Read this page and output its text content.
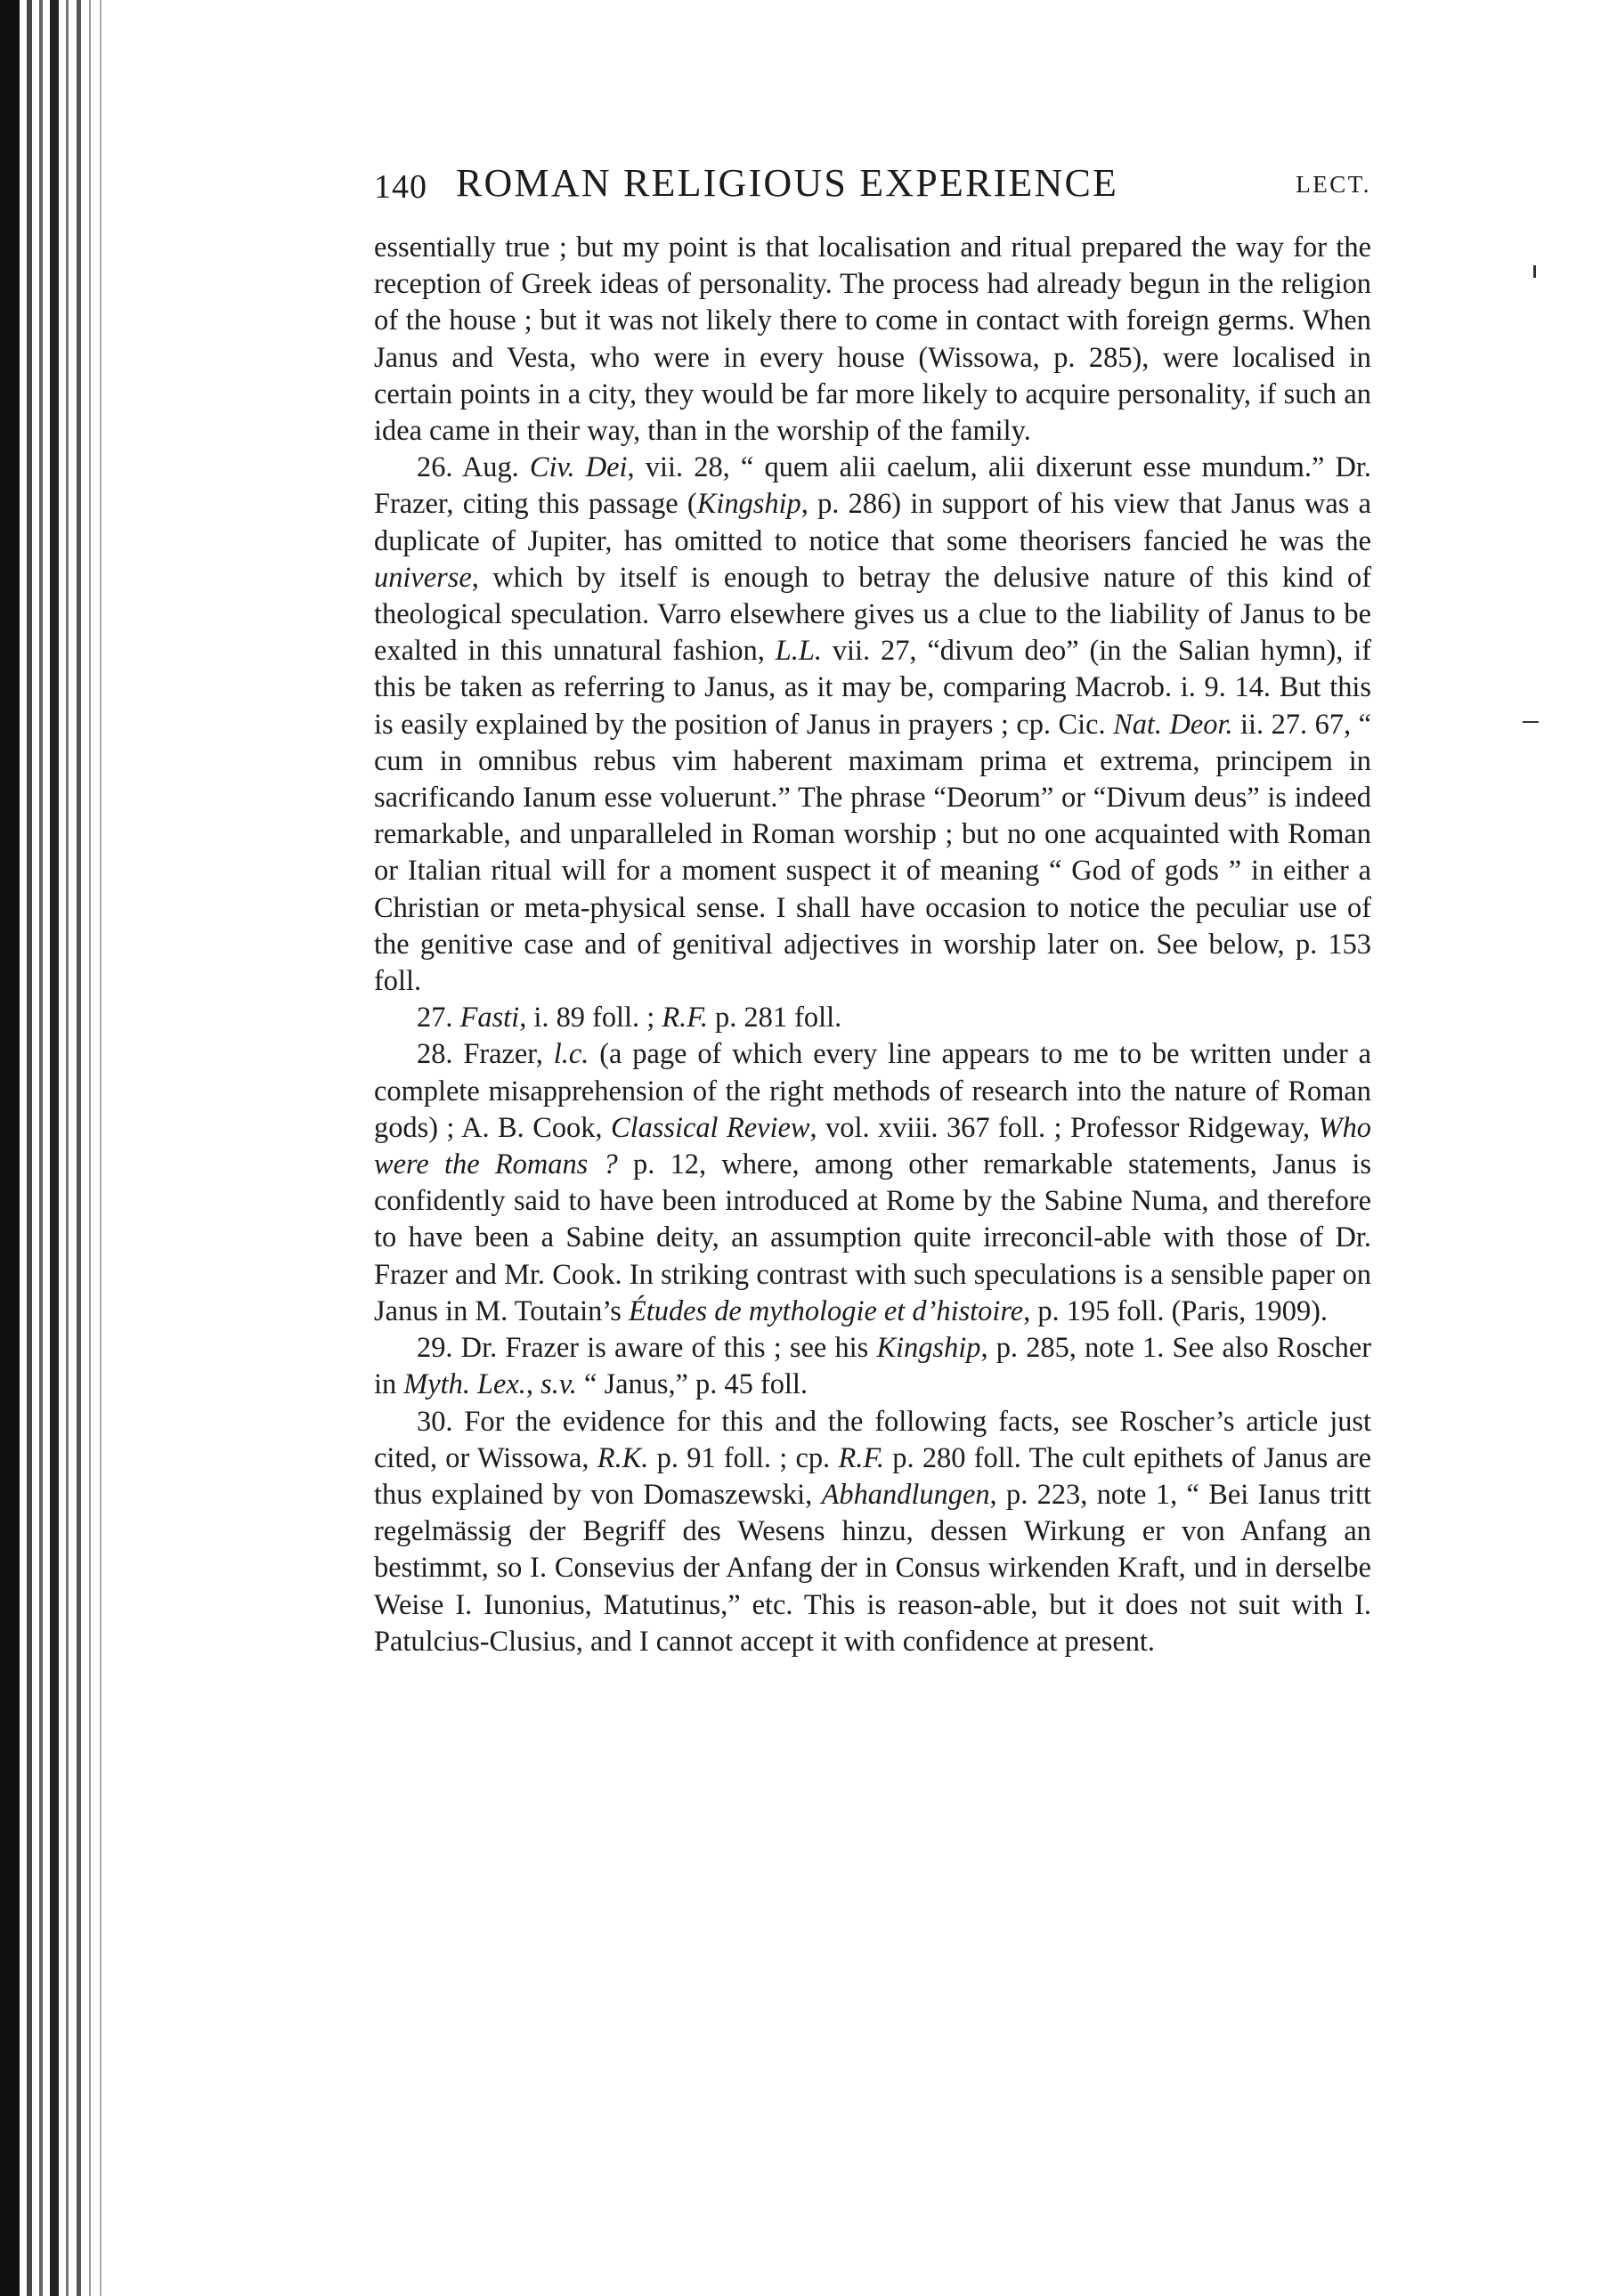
140 ROMAN RELIGIOUS EXPERIENCE	LECT.

essentially true ; but my point is that localisation and ritual prepared the way for the reception of Greek ideas of personality. The process had already begun in the religion of the house ; but it was not likely there to come in contact with foreign germs. When Janus and Vesta, who were in every house (Wissowa, p. 285), were localised in certain points in a city, they would be far more likely to acquire personality, if such an idea came in their way, than in the worship of the family.

26. Aug. Civ. Dei, vii. 28, “ quem alii caelum, alii dixerunt esse mundum.” Dr. Frazer, citing this passage (Kingship, p. 286) in support of his view that Janus was a duplicate of Jupiter, has omitted to notice that some theorisers fancied he was the universe, which by itself is enough to betray the delusive nature of this kind of theological speculation. Varro elsewhere gives us a clue to the liability of Janus to be exalted in this unnatural fashion, L.L. vii. 27, “divum deo” (in the Salian hymn), if this be taken as referring to Janus, as it may be, comparing Macrob. i. 9. 14. But this is easily explained by the position of Janus in prayers ; cp. Cic. Nat. Deor. ii. 27. 67, “ cum in omnibus rebus vim haberent maximam prima et extrema, principem in sacrificando Ianum esse voluerunt.” The phrase “Deorum” or “Divum deus” is indeed remarkable, and unparalleled in Roman worship ; but no one acquainted with Roman or Italian ritual will for a moment suspect it of meaning “ God of gods ” in either a Christian or meta-physical sense. I shall have occasion to notice the peculiar use of the genitive case and of genitival adjectives in worship later on. See below, p. 153 foll.

27. Fasti, i. 89 foll. ; R.F. p. 281 foll.

28. Frazer, l.c. (a page of which every line appears to me to be written under a complete misapprehension of the right methods of research into the nature of Roman gods) ; A. B. Cook, Classical Review, vol. xviii. 367 foll. ; Professor Ridgeway, Who were the Romans ? p. 12, where, among other remarkable statements, Janus is confidently said to have been introduced at Rome by the Sabine Numa, and therefore to have been a Sabine deity, an assumption quite irreconcil-able with those of Dr. Frazer and Mr. Cook. In striking contrast with such speculations is a sensible paper on Janus in M. Toutain’s Études de mythologie et d’histoire, p. 195 foll. (Paris, 1909).

29. Dr. Frazer is aware of this ; see his Kingship, p. 285, note 1. See also Roscher in Myth. Lex., s.v. “ Janus,” p. 45 foll.

30. For the evidence for this and the following facts, see Roscher’s article just cited, or Wissowa, R.K. p. 91 foll. ; cp. R.F. p. 280 foll. The cult epithets of Janus are thus explained by von Domaszewski, Abhandlungen, p. 223, note 1, “ Bei Ianus tritt regelmässig der Begriff des Wesens hinzu, dessen Wirkung er von Anfang an bestimmt, so I. Consevius der Anfang der in Consus wirkenden Kraft, und in derselbe Weise I. Iunonius, Matutinus,” etc. This is reason-able, but it does not suit with I. Patulcius-Clusius, and I cannot accept it with confidence at present.
